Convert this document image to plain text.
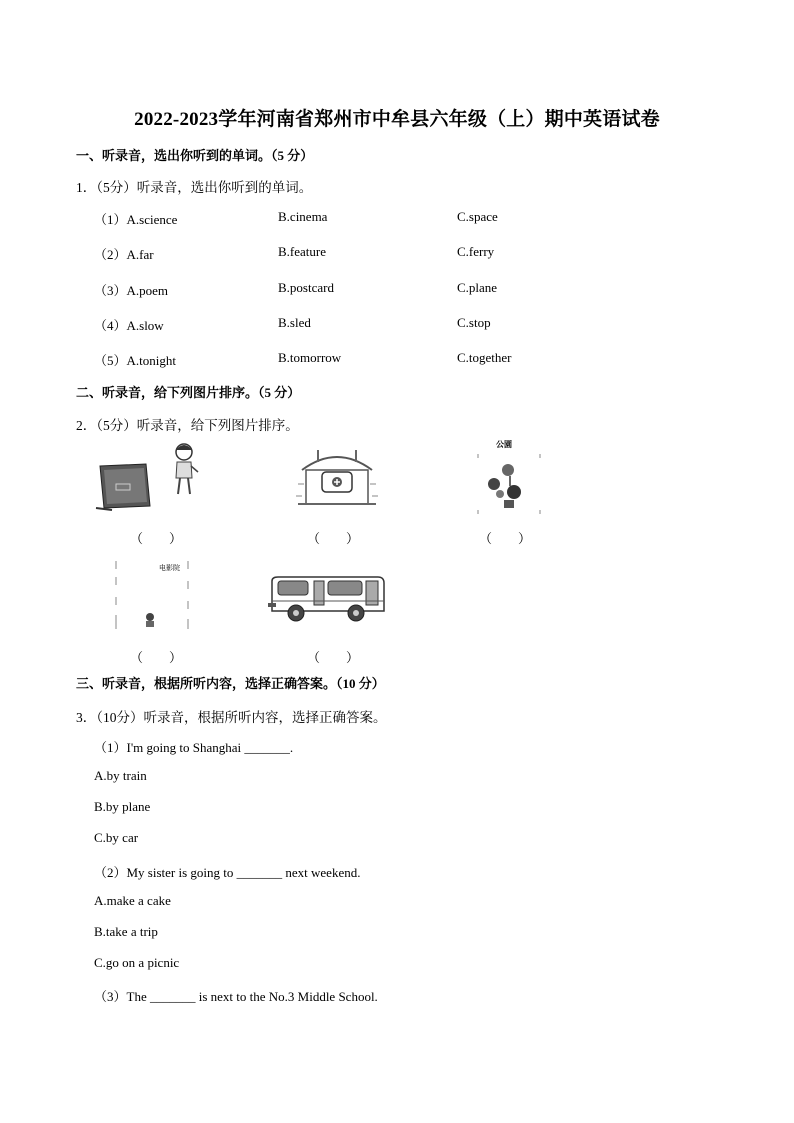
2022-2023学年河南省郑州市中牟县六年级（上）期中英语试卷
一、听录音，选出你听到的单词。（5 分）
1．（5分）听录音，选出你听到的单词。
（1）A.science	B.cinema	C.space
（2）A.far	B.feature	C.ferry
（3）A.poem	B.postcard	C.plane
（4）A.slow	B.sled	C.stop
（5）A.tonight	B.tomorrow	C.together
二、听录音，给下列图片排序。（5 分）
2．（5分）听录音，给下列图片排序。
（　　）	（　　）
公園
（　　）
电影院
（　　）	（　　）
三、听录音，根据所听内容，选择正确答案。（10 分）
3．（10分）听录音，根据所听内容，选择正确答案。
（1）I'm going to Shanghai _______.
A.by train
B.by plane
C.by car
（2）My sister is going to _______ next weekend.
A.make a cake
B.take a trip
C.go on a picnic
（3）The _______ is next to the No.3 Middle School.
